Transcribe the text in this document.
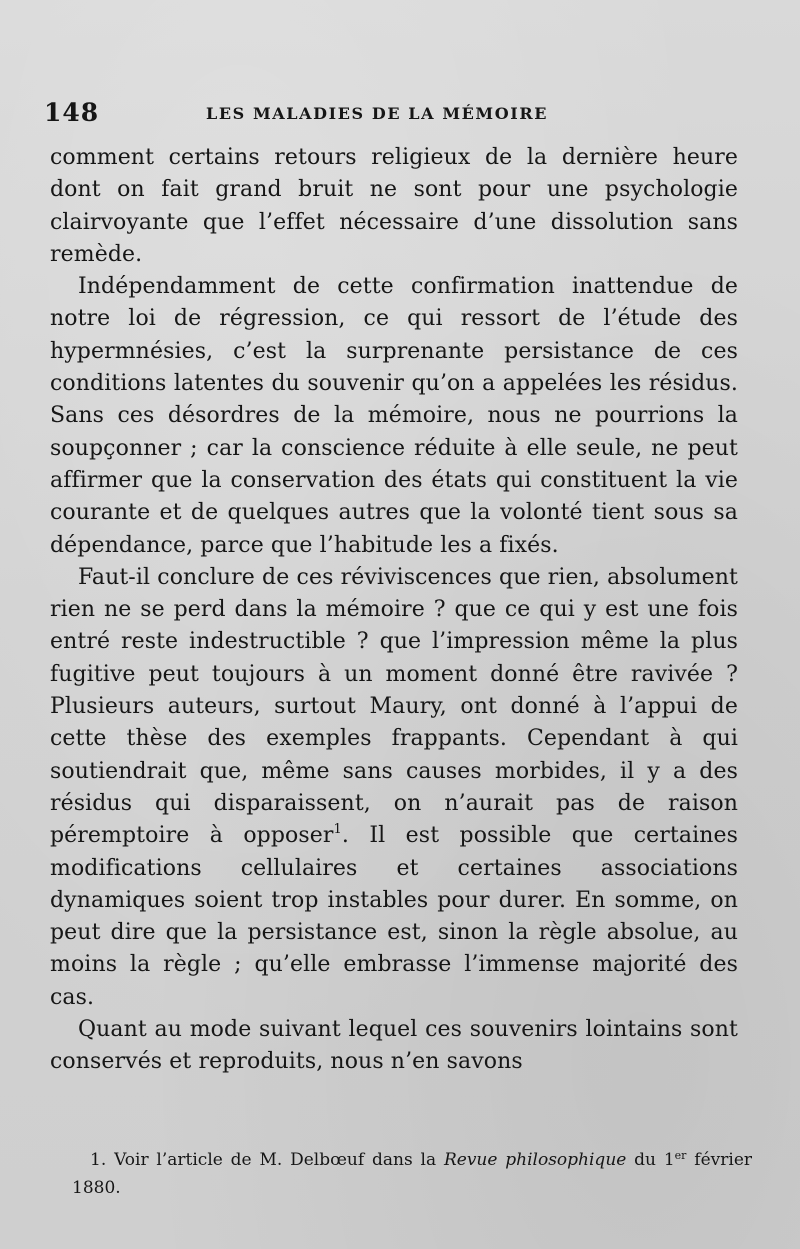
148	LES MALADIES DE LA MÉMOIRE

comment certains retours religieux de la dernière heure dont on fait grand bruit ne sont pour une psychologie clairvoyante que l’effet nécessaire d’une dissolution sans remède.

Indépendamment de cette confirmation inattendue de notre loi de régression, ce qui ressort de l’étude des hypermnésies, c’est la surprenante persistance de ces conditions latentes du souvenir qu’on a appelées les résidus. Sans ces désordres de la mémoire, nous ne pourrions la soupçonner ; car la conscience réduite à elle seule, ne peut affirmer que la conservation des états qui constituent la vie courante et de quelques autres que la volonté tient sous sa dépendance, parce que l’habitude les a fixés.

Faut-il conclure de ces réviviscences que rien, absolument rien ne se perd dans la mémoire ? que ce qui y est une fois entré reste indestructible ? que l’impression même la plus fugitive peut toujours à un moment donné être ravivée ? Plusieurs auteurs, surtout Maury, ont donné à l’appui de cette thèse des exemples frappants. Cependant à qui soutiendrait que, même sans causes morbides, il y a des résidus qui disparaissent, on n’aurait pas de raison péremptoire à opposer$^1$. Il est possible que certaines modifications cellulaires et certaines associations dynamiques soient trop instables pour durer. En somme, on peut dire que la persistance est, sinon la règle absolue, au moins la règle ; qu’elle embrasse l’immense majorité des cas.

Quant au mode suivant lequel ces souvenirs lointains sont conservés et reproduits, nous n’en savons

1. Voir l’article de M. Delbœuf dans la Revue philosophique du 1er février 1880.
